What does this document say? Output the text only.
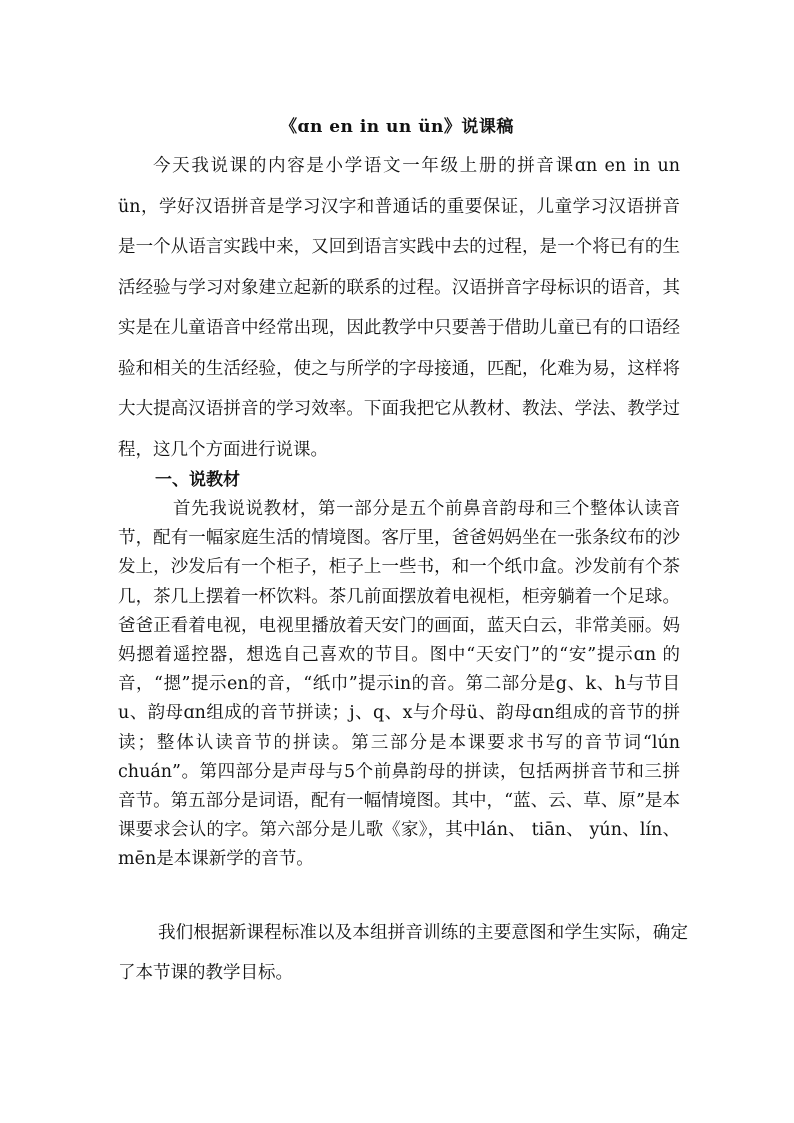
《ɑn en in un ün》说课稿

今天我说课的内容是小学语文一年级上册的拼音课ɑn en in un ün，学好汉语拼音是学习汉字和普通话的重要保证，儿童学习汉语拼音是一个从语言实践中来，又回到语言实践中去的过程，是一个将已有的生活经验与学习对象建立起新的联系的过程。汉语拼音字母标识的语音，其实是在儿童语音中经常出现，因此教学中只要善于借助儿童已有的口语经验和相关的生活经验，使之与所学的字母接通，匹配，化难为易，这样将大大提高汉语拼音的学习效率。下面我把它从教材、教法、学法、教学过程，这几个方面进行说课。

一、说教材

首先我说说教材，第一部分是五个前鼻音韵母和三个整体认读音节，配有一幅家庭生活的情境图。客厅里，爸爸妈妈坐在一张条纹布的沙发上，沙发后有一个柜子，柜子上一些书，和一个纸巾盒。沙发前有个茶几，茶几上摆着一杯饮料。茶几前面摆放着电视柜，柜旁躺着一个足球。爸爸正看着电视，电视里播放着天安门的画面，蓝天白云，非常美丽。妈妈摁着遥控器，想选自己喜欢的节目。图中“天安门”的“安”提示ɑn 的音，“摁”提示en的音，“纸巾”提示in的音。第二部分是g、k、h与节目u、韵母ɑn组成的音节拼读；j、q、x与介母ü、韵母ɑn组成的音节的拼读；整体认读音节的拼读。第三部分是本课要求书写的音节词“lún chuán”。第四部分是声母与5个前鼻韵母的拼读，包括两拼音节和三拼音节。第五部分是词语，配有一幅情境图。其中，“蓝、云、草、原”是本课要求会认的字。第六部分是儿歌《家》，其中lán、 tiān、 yún、lín、 mēn是本课新学的音节。

我们根据新课程标准以及本组拼音训练的主要意图和学生实际，确定了本节课的教学目标。
